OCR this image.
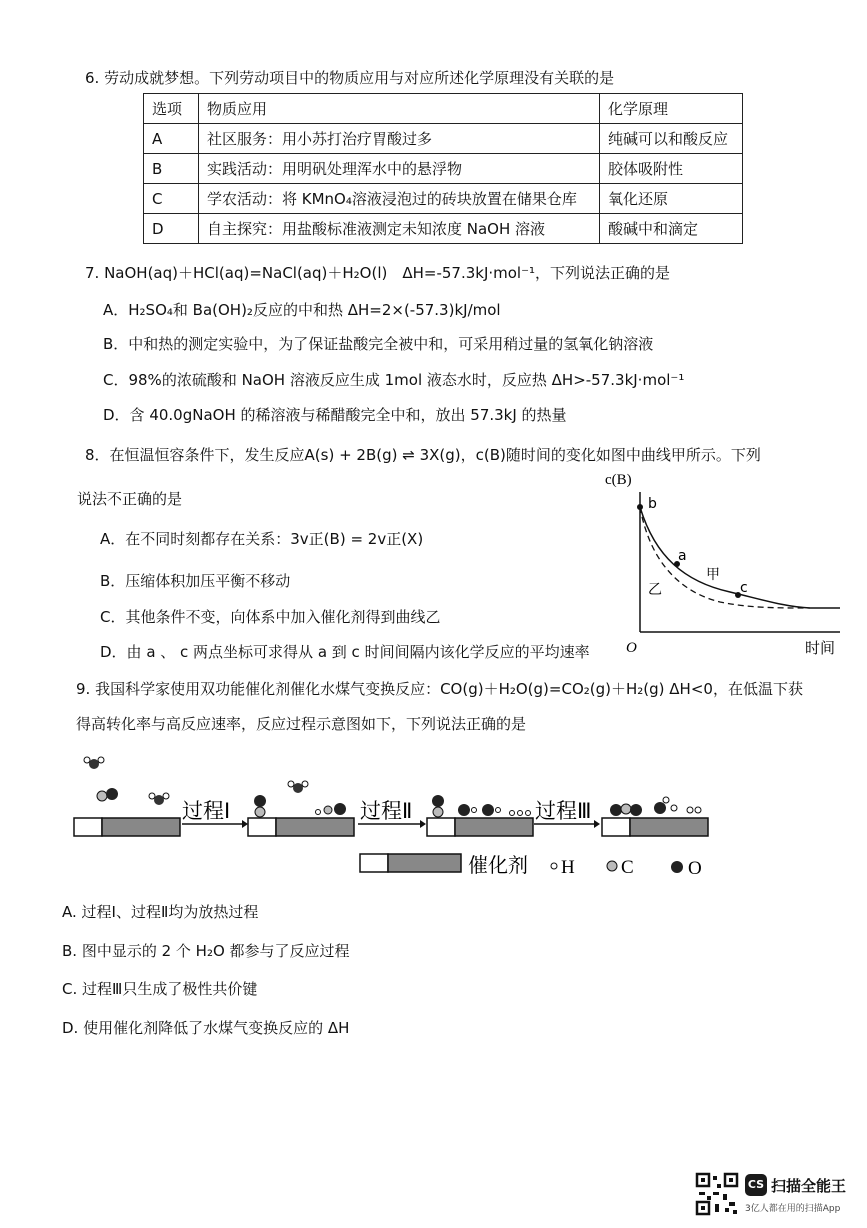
6. 劳动成就梦想。下列劳动项目中的物质应用与对应所述化学原理没有关联的是
选项	物质应用	化学原理
A	社区服务：用小苏打治疗胃酸过多	纯碱可以和酸反应
B	实践活动：用明矾处理浑水中的悬浮物	胶体吸附性
C	学农活动：将 KMnO₄溶液浸泡过的砖块放置在储果仓库	氧化还原
D	自主探究：用盐酸标准液测定未知浓度 NaOH 溶液	酸碱中和滴定
7. NaOH(aq)＋HCl(aq)=NaCl(aq)＋H₂O(l)　ΔH=-57.3kJ·mol⁻¹，下列说法正确的是
A．H₂SO₄和 Ba(OH)₂反应的中和热 ΔH=2×(-57.3)kJ/mol
B．中和热的测定实验中，为了保证盐酸完全被中和，可采用稍过量的氢氧化钠溶液
C．98%的浓硫酸和 NaOH 溶液反应生成 1mol 液态水时，反应热 ΔH>-57.3kJ·mol⁻¹
D．含 40.0gNaOH 的稀溶液与稀醋酸完全中和，放出 57.3kJ 的热量
8．在恒温恒容条件下，发生反应A(s) + 2B(g) ⇌ 3X(g)，c(B)随时间的变化如图中曲线甲所示。下列
说法不正确的是
A．在不同时刻都存在关系：3v正(B) = 2v正(X)
B．压缩体积加压平衡不移动
C．其他条件不变，向体系中加入催化剂得到曲线乙
D．由 a 、 c 两点坐标可求得从 a 到 c 时间间隔内该化学反应的平均速率
c(B)
b
a
c
甲
乙
O	时间
9. 我国科学家使用双功能催化剂催化水煤气变换反应：CO(g)＋H₂O(g)=CO₂(g)＋H₂(g) ΔH<0，在低温下获
得高转化率与高反应速率，反应过程示意图如下，下列说法正确的是
过程Ⅰ	过程Ⅱ	过程Ⅲ
催化剂 H C	O
A. 过程Ⅰ、过程Ⅱ均为放热过程
B. 图中显示的 2 个 H₂O 都参与了反应过程
C. 过程Ⅲ只生成了极性共价键
D. 使用催化剂降低了水煤气变换反应的 ΔH
CS 扫描全能王
3亿人都在用的扫描App
